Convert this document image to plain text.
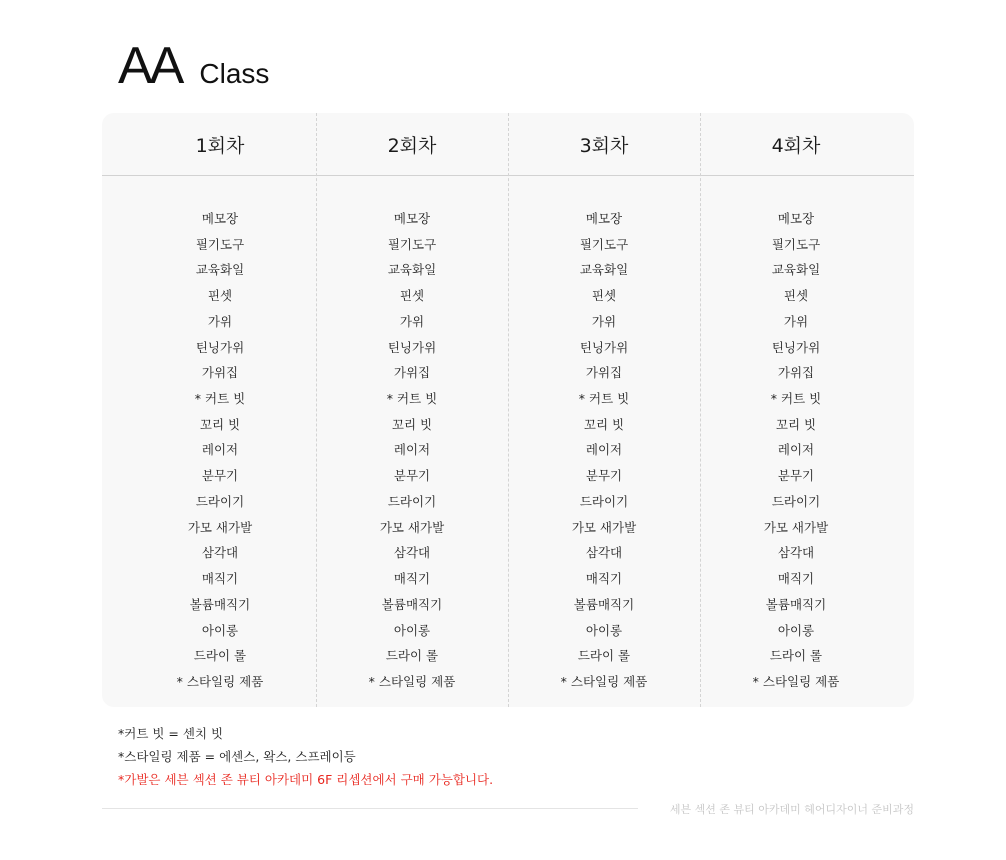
AA Class
1회차
메모장
필기도구
교육화일
핀셋
가위
틴닝가위
가위집
* 커트 빗
꼬리 빗
레이저
분무기
드라이기
가모 새가발
삼각대
매직기
볼륨매직기
아이롱
드라이 롤
* 스타일링 제품
2회차
메모장
필기도구
교육화일
핀셋
가위
틴닝가위
가위집
* 커트 빗
꼬리 빗
레이저
분무기
드라이기
가모 새가발
삼각대
매직기
볼륨매직기
아이롱
드라이 롤
* 스타일링 제품
3회차
메모장
필기도구
교육화일
핀셋
가위
틴닝가위
가위집
* 커트 빗
꼬리 빗
레이저
분무기
드라이기
가모 새가발
삼각대
매직기
볼륨매직기
아이롱
드라이 롤
* 스타일링 제품
4회차
메모장
필기도구
교육화일
핀셋
가위
틴닝가위
가위집
* 커트 빗
꼬리 빗
레이저
분무기
드라이기
가모 새가발
삼각대
매직기
볼륨매직기
아이롱
드라이 롤
* 스타일링 제품
*커트 빗 = 센치 빗
*스타일링 제품 = 에센스, 왁스, 스프레이등
*가발은 세븐 섹션 존 뷰티 아카데미 6F 리셉션에서 구매 가능합니다.
세븐 섹션 존 뷰티 아카데미 헤어디자이너 준비과정
